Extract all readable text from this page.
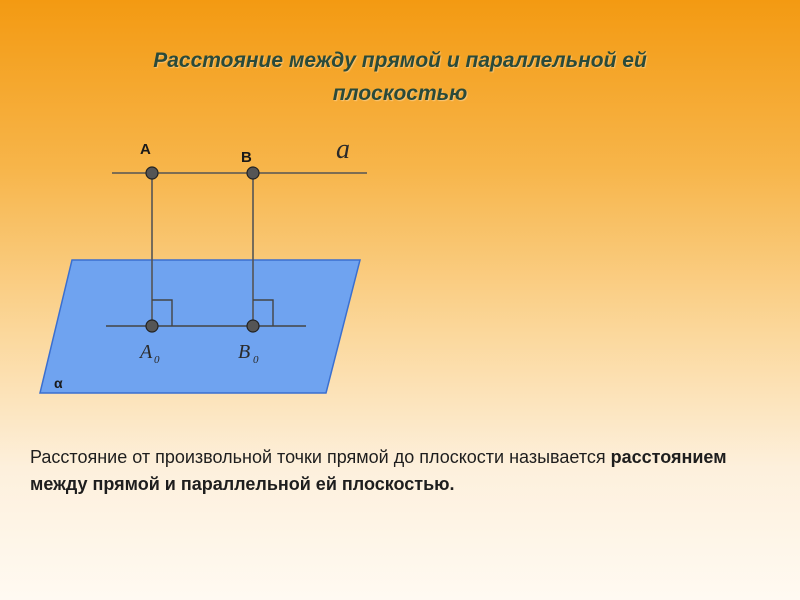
Расстояние между прямой и параллельной ей
плоскостью
A	B	a
α
A 0	B 0
Расстояние от произвольной точки прямой до плоскости называется расстоянием между прямой и параллельной ей плоскостью.
